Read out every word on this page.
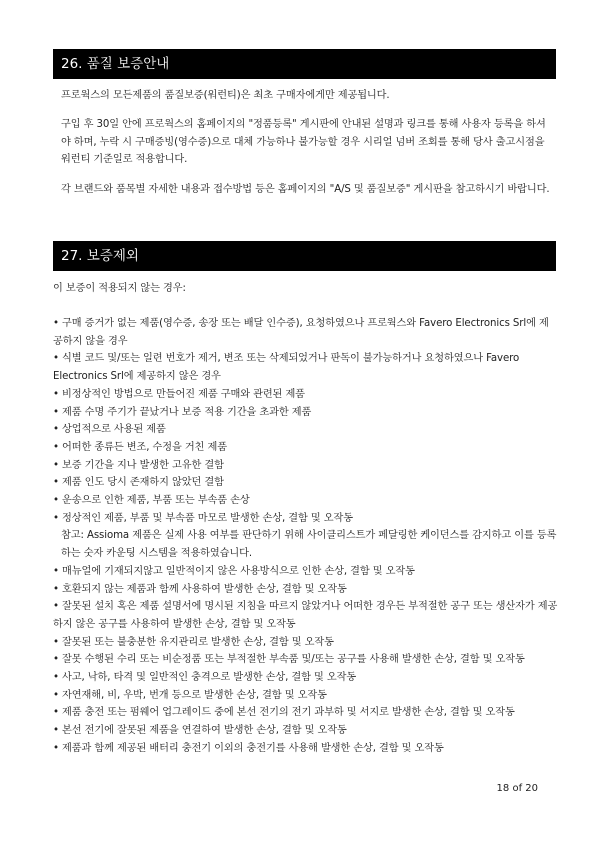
26. 품질 보증안내

프로웍스의 모든제품의 품질보증(워런티)은 최초 구매자에게만 제공됩니다.

구입 후 30일 안에 프로웍스의 홈페이지의 "정품등록" 게시판에 안내된 설명과 링크를 통해 사용자 등록을 하셔야 하며, 누락 시 구매증빙(영수증)으로 대체 가능하나 불가능할 경우 시리얼 넘버 조회를 통해 당사 출고시점을 워런티 기준일로 적용합니다.

각 브랜드와 품목별 자세한 내용과 접수방법 등은 홈페이지의 "A/S 및 품질보증" 게시판을 참고하시기 바랍니다.

27. 보증제외

이 보증이 적용되지 않는 경우:

• 구매 증거가 없는 제품(영수증, 송장 또는 배달 인수증), 요청하였으나 프로웍스와 Favero Electronics Srl에 제공하지 않을 경우
• 식별 코드 및/또는 일련 번호가 제거, 변조 또는 삭제되었거나 판독이 불가능하거나 요청하였으나 Favero Electronics Srl에 제공하지 않은 경우
• 비정상적인 방법으로 만들어진 제품 구매와 관련된 제품
• 제품 수명 주기가 끝났거나 보증 적용 기간을 초과한 제품
• 상업적으로 사용된 제품
• 어떠한 종류든 변조, 수정을 거친 제품
• 보증 기간을 지나 발생한 고유한 결함
• 제품 인도 당시 존재하지 않았던 결함
• 운송으로 인한 제품, 부품 또는 부속품 손상
• 정상적인 제품, 부품 및 부속품 마모로 발생한 손상, 결함 및 오작동
참고: Assioma 제품은 실제 사용 여부를 판단하기 위해 사이클리스트가 페달링한 케이던스를 감지하고 이를 등록하는 숫자 카운팅 시스템을 적용하였습니다.
• 매뉴얼에 기재되지않고 일반적이지 않은 사용방식으로 인한 손상, 결함 및 오작동
• 호환되지 않는 제품과 함께 사용하여 발생한 손상, 결함 및 오작동
• 잘못된 설치 혹은 제품 설명서에 명시된 지침을 따르지 않았거나 어떠한 경우든 부적절한 공구 또는 생산자가 제공하지 않은 공구를 사용하여 발생한 손상, 결함 및 오작동
• 잘못된 또는 불충분한 유지관리로 발생한 손상, 결함 및 오작동
• 잘못 수행된 수리 또는 비순정품 또는 부적절한 부속품 및/또는 공구를 사용해 발생한 손상, 결함 및 오작동
• 사고, 낙하, 타격 및 일반적인 충격으로 발생한 손상, 결함 및 오작동
• 자연재해, 비, 우박, 번개 등으로 발생한 손상, 결함 및 오작동
• 제품 충전 또는 펌웨어 업그레이드 중에 본선 전기의 전기 과부하 및 서지로 발생한 손상, 결함 및 오작동
• 본선 전기에 잘못된 제품을 연결하여 발생한 손상, 결함 및 오작동
• 제품과 함께 제공된 배터리 충전기 이외의 충전기를 사용해 발생한 손상, 결함 및 오작동
18 of 20
